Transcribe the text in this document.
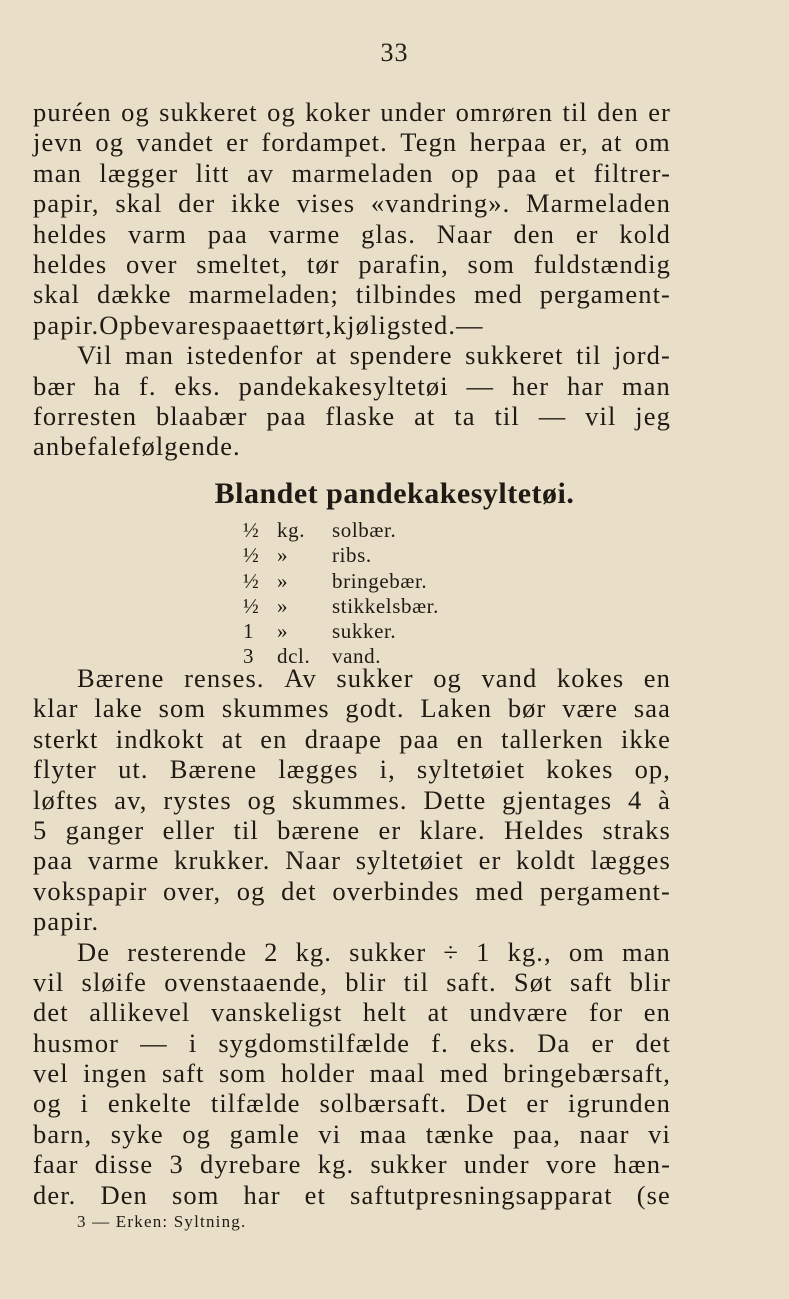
33
puréen og sukkeret og koker under omrøren til den er
jevn og vandet er fordampet. Tegn herpaa er, at om
man lægger litt av marmeladen op paa et filtrer-
papir, skal der ikke vises «vandring». Marmeladen
heldes varm paa varme glas. Naar den er kold
heldes over smeltet, tør parafin, som fuldstændig
skal dække marmeladen; tilbindes med pergament-
papir. Opbevares paa et tørt, kjølig sted. —
Vil man istedenfor at spendere sukkeret til jord-
bær ha f. eks. pandekakesyltetøi — her har man
forresten blaabær paa flaske at ta til — vil jeg
anbefale følgende.
Blandet pandekakesyltetøi.
½ kg.	solbær.
½ »	ribs.
½ »	bringebær.
½ »	stikkelsbær.
1	»	sukker.
3	dcl.	vand.
Bærene renses. Av sukker og vand kokes en
klar lake som skummes godt. Laken bør være saa
sterkt indkokt at en draape paa en tallerken ikke
flyter ut. Bærene lægges i, syltetøiet kokes op,
løftes av, rystes og skummes. Dette gjentages 4 à
5 ganger eller til bærene er klare. Heldes straks
paa varme krukker. Naar syltetøiet er koldt lægges
vokspapir over, og det overbindes med pergament-
papir.
De resterende 2 kg. sukker ÷ 1 kg., om man
vil sløife ovenstaaende, blir til saft. Søt saft blir
det allikevel vanskeligst helt at undvære for en
husmor — i sygdomstilfælde f. eks. Da er det
vel ingen saft som holder maal med bringebærsaft,
og i enkelte tilfælde solbærsaft. Det er igrunden
barn, syke og gamle vi maa tænke paa, naar vi
faar disse 3 dyrebare kg. sukker under vore hæn-
der. Den som har et saftutpresningsapparat (se
3 — Erken: Syltning.
